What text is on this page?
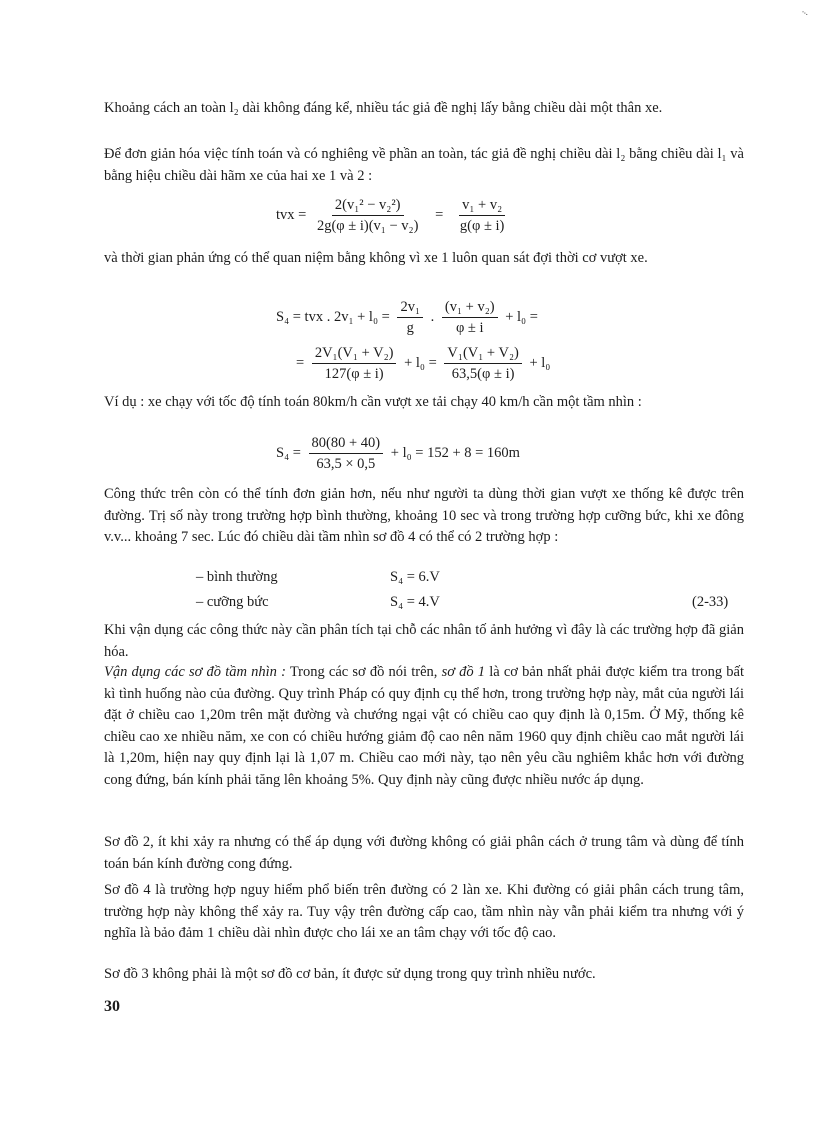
...

Khoảng cách an toàn l₂ dài không đáng kể, nhiều tác giả đề nghị lấy bằng chiều dài một thân xe.

Để đơn giản hóa việc tính toán và có nghiêng về phần an toàn, tác giả đề nghị chiều dài l₂ bằng chiều dài l₁ và bằng hiệu chiều dài hãm xe của hai xe 1 và 2 :

tvx = $\frac{\text{2(v₁² − v₂²)}}{\text{2g(φ ± i)(v₁ − v₂)}} = \frac{\text{v₁ + v₂}}{g(\varphi \pm i)}$

và thời gian phản ứng có thể quan niệm bằng không vì xe 1 luôn quan sát đợi thời cơ vượt xe.

S₄ = tvx . $2v_1 + l_0 = \frac{\text{2v₁}}{g}$ . $\frac{\text{(v₁ + v₂)}}{\varphi \pm i} + l_0$ =
= $\frac{\text{2V₁(V₁ + V₂)}}{127(\varphi \pm i)} + l_0 = \frac{\text{V₁(V₁ + V₂)}}{63,5(\varphi \pm i)} + l_0$

Ví dụ : xe chạy với tốc độ tính toán 80km/h cần vượt xe tải chạy 40 km/h cần một tầm nhìn :

$S_4 = \frac{80(80 + 40)}{63,5 \times 0,5} + l_0 = 152 + 8 = 160m$

Công thức trên còn có thể tính đơn giản hơn, nếu như người ta dùng thời gian vượt xe thống kê được trên đường. Trị số này trong trường hợp bình thường, khoảng 10 sec và trong trường hợp cưỡng bức, khi xe đông v.v... khoảng 7 sec. Lúc đó chiều dài tầm nhìn sơ đồ 4 có thể có 2 trường hợp :

– bình thường	S₄ = 6.V
– cưỡng bức	S₄ = 4.V	(2-33)

Khi vận dụng các công thức này cần phân tích tại chỗ các nhân tố ảnh hưởng vì đây là các trường hợp đã giản hóa.

Vận dụng các sơ đồ tầm nhìn : Trong các sơ đồ nói trên, sơ đồ 1 là cơ bản nhất phải được kiểm tra trong bất kì tình huống nào của đường. Quy trình Pháp có quy định cụ thể hơn, trong trường hợp này, mắt của người lái đặt ở chiều cao 1,20m trên mặt đường và chướng ngại vật có chiều cao quy định là 0,15m. Ở Mỹ, thống kê chiều cao xe nhiều năm, xe con có chiều hướng giảm độ cao nên năm 1960 quy định chiều cao mắt người lái là 1,20m, hiện nay quy định lại là 1,07 m. Chiều cao mới này, tạo nên yêu cầu nghiêm khắc hơn với đường cong đứng, bán kính phải tăng lên khoảng 5%. Quy định này cũng được nhiều nước áp dụng.

Sơ đồ 2, ít khi xảy ra nhưng có thể áp dụng với đường không có giải phân cách ở trung tâm và dùng để tính toán bán kính đường cong đứng.

Sơ đồ 4 là trường hợp nguy hiểm phổ biến trên đường có 2 làn xe. Khi đường có giải phân cách trung tâm, trường hợp này không thể xảy ra. Tuy vậy trên đường cấp cao, tầm nhìn này vẫn phải kiểm tra nhưng với ý nghĩa là bảo đảm 1 chiều dài nhìn được cho lái xe an tâm chạy với tốc độ cao.

Sơ đồ 3 không phải là một sơ đồ cơ bản, ít được sử dụng trong quy trình nhiều nước.

30
